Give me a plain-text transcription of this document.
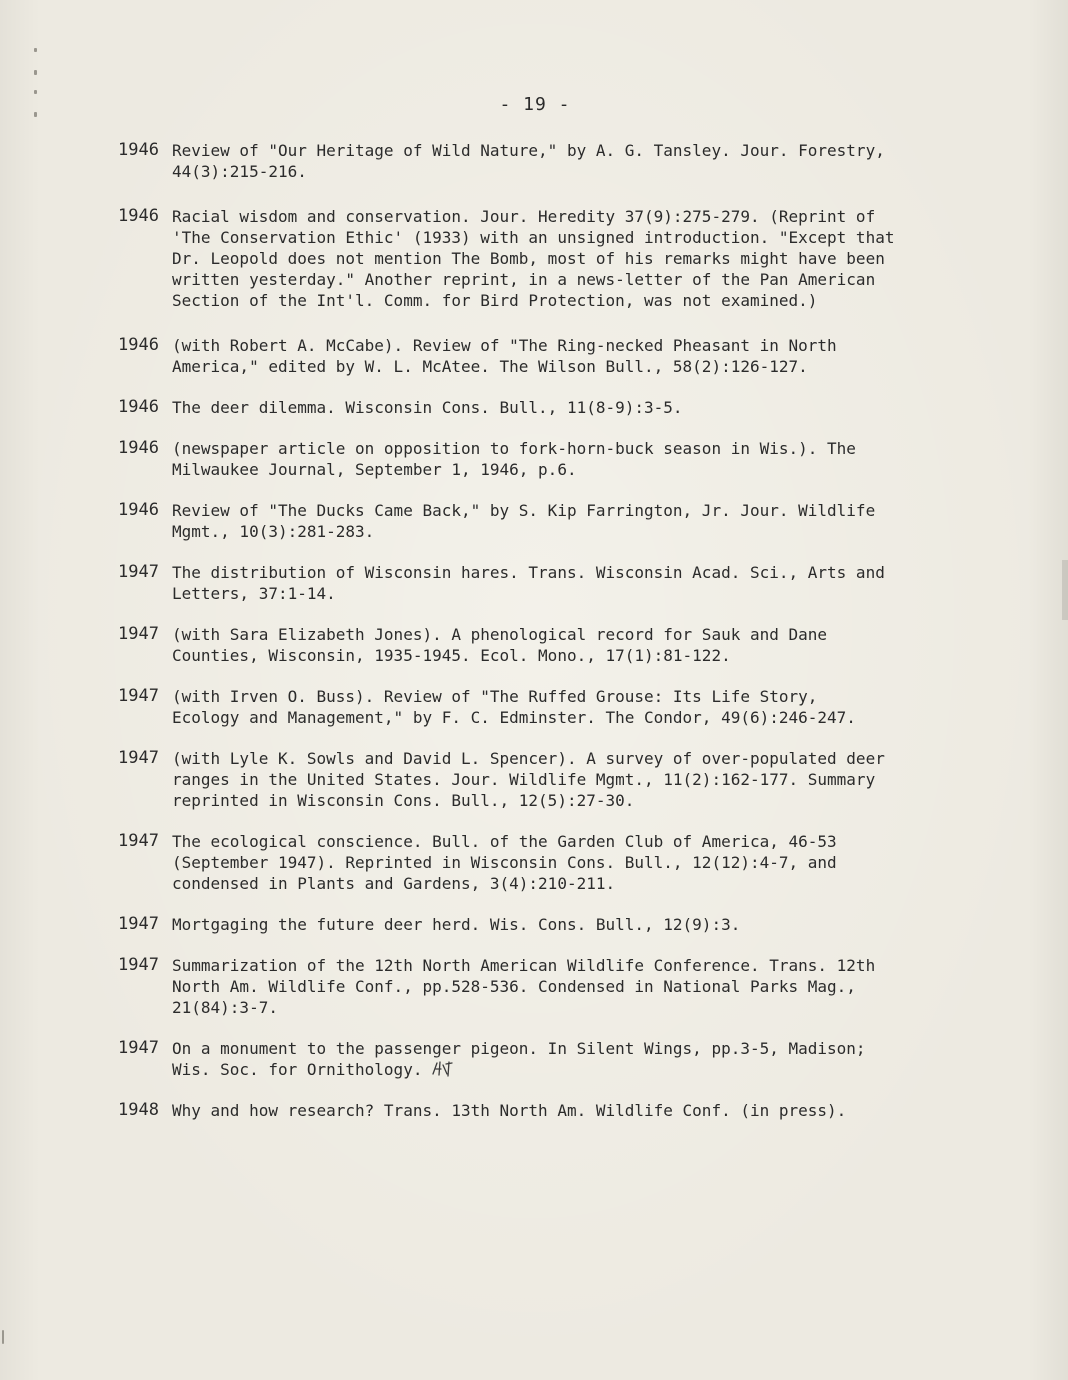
- 19 -
1946 Review of "Our Heritage of Wild Nature," by A. G. Tansley. Jour. Forestry,
44(3):215-216.
1946 Racial wisdom and conservation. Jour. Heredity 37(9):275-279. (Reprint of
'The Conservation Ethic' (1933) with an unsigned introduction. "Except that
Dr. Leopold does not mention The Bomb, most of his remarks might have been
written yesterday." Another reprint, in a news-letter of the Pan American
Section of the Int'l. Comm. for Bird Protection, was not examined.)
1946 (with Robert A. McCabe). Review of "The Ring-necked Pheasant in North
America," edited by W. L. McAtee. The Wilson Bull., 58(2):126-127.
1946 The deer dilemma. Wisconsin Cons. Bull., 11(8-9):3-5.
1946 (newspaper article on opposition to fork-horn-buck season in Wis.). The
Milwaukee Journal, September 1, 1946, p.6.
1946 Review of "The Ducks Came Back," by S. Kip Farrington, Jr. Jour. Wildlife
Mgmt., 10(3):281-283.
1947 The distribution of Wisconsin hares. Trans. Wisconsin Acad. Sci., Arts and
Letters, 37:1-14.
1947 (with Sara Elizabeth Jones). A phenological record for Sauk and Dane
Counties, Wisconsin, 1935-1945. Ecol. Mono., 17(1):81-122.
1947 (with Irven O. Buss). Review of "The Ruffed Grouse: Its Life Story,
Ecology and Management," by F. C. Edminster. The Condor, 49(6):246-247.
1947 (with Lyle K. Sowls and David L. Spencer). A survey of over-populated deer
ranges in the United States. Jour. Wildlife Mgmt., 11(2):162-177. Summary
reprinted in Wisconsin Cons. Bull., 12(5):27-30.
1947 The ecological conscience. Bull. of the Garden Club of America, 46-53
(September 1947). Reprinted in Wisconsin Cons. Bull., 12(12):4-7, and
condensed in Plants and Gardens, 3(4):210-211.
1947 Mortgaging the future deer herd. Wis. Cons. Bull., 12(9):3.
1947 Summarization of the 12th North American Wildlife Conference. Trans. 12th
North Am. Wildlife Conf., pp.528-536. Condensed in National Parks Mag.,
21(84):3-7.
1947 On a monument to the passenger pigeon. In Silent Wings, pp.3-5, Madison;
Wis. Soc. for Ornithology.
1948 Why and how research? Trans. 13th North Am. Wildlife Conf. (in press).
